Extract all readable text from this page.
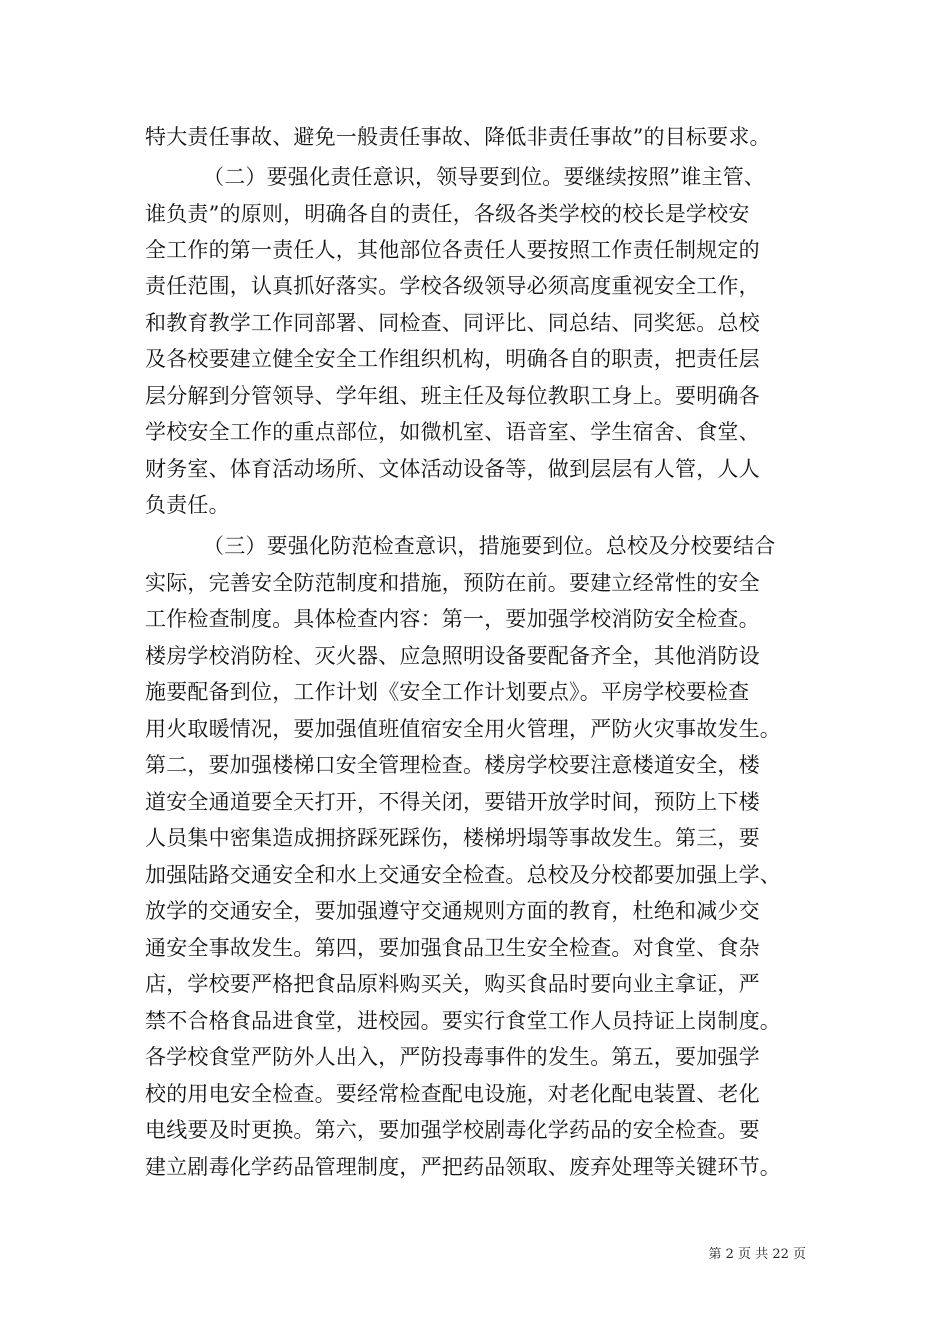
特大责任事故、避免一般责任事故、降低非责任事故”的目标要求。
（二）要强化责任意识，领导要到位。要继续按照”谁主管、
谁负责”的原则，明确各自的责任，各级各类学校的校长是学校安
全工作的第一责任人，其他部位各责任人要按照工作责任制规定的
责任范围，认真抓好落实。学校各级领导必须高度重视安全工作，
和教育教学工作同部署、同检查、同评比、同总结、同奖惩。总校
及各校要建立健全安全工作组织机构，明确各自的职责，把责任层
层分解到分管领导、学年组、班主任及每位教职工身上。要明确各
学校安全工作的重点部位，如微机室、语音室、学生宿舍、食堂、
财务室、体育活动场所、文体活动设备等，做到层层有人管，人人
负责任。
（三）要强化防范检查意识，措施要到位。总校及分校要结合
实际，完善安全防范制度和措施，预防在前。要建立经常性的安全
工作检查制度。具体检查内容：第一，要加强学校消防安全检查。
楼房学校消防栓、灭火器、应急照明设备要配备齐全，其他消防设
施要配备到位，工作计划《安全工作计划要点》。平房学校要检查
用火取暖情况，要加强值班值宿安全用火管理，严防火灾事故发生。
第二，要加强楼梯口安全管理检查。楼房学校要注意楼道安全，楼
道安全通道要全天打开，不得关闭，要错开放学时间，预防上下楼
人员集中密集造成拥挤踩死踩伤，楼梯坍塌等事故发生。第三，要
加强陆路交通安全和水上交通安全检查。总校及分校都要加强上学、
放学的交通安全，要加强遵守交通规则方面的教育，杜绝和减少交
通安全事故发生。第四，要加强食品卫生安全检查。对食堂、食杂
店，学校要严格把食品原料购买关，购买食品时要向业主拿证，严
禁不合格食品进食堂，进校园。要实行食堂工作人员持证上岗制度。
各学校食堂严防外人出入，严防投毒事件的发生。第五，要加强学
校的用电安全检查。要经常检查配电设施，对老化配电装置、老化
电线要及时更换。第六，要加强学校剧毒化学药品的安全检查。要
建立剧毒化学药品管理制度，严把药品领取、废弃处理等关键环节。
第 2 页 共 22 页
